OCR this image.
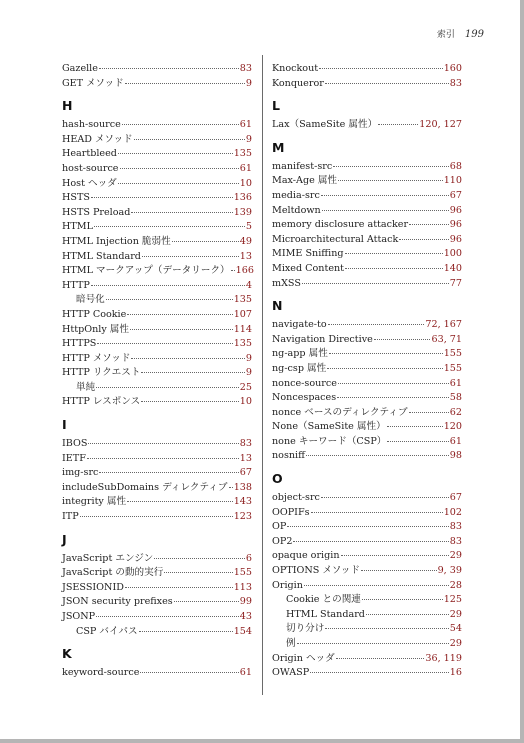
索引 199
Gazelle	83
GET メソッド	9
H
hash-source	61
HEAD メソッド	9
Heartbleed	135
host-source	61
Host ヘッダ	10
HSTS	136
HSTS Preload	139
HTML	5
HTML Injection 脆弱性	49
HTML Standard	13
HTML マークアップ（データリーク） 166
HTTP	4
暗号化	135
HTTP Cookie	107
HttpOnly 属性	114
HTTPS	135
HTTP メソッド	9
HTTP リクエスト	9
単純	25
HTTP レスポンス	10
I
IBOS	83
IETF	13
img-src	67
includeSubDomains ディレクティブ 138
integrity 属性	143
ITP	123
J
JavaScript エンジン	6
JavaScript の動的実行	155
JSESSIONID	113
JSON security prefixes	99
JSONP	43
CSP バイパス	154
K
keyword-source	61
Knockout	160
Konqueror	83
L
Lax（SameSite 属性）	120, 127
M
manifest-src	68
Max-Age 属性	110
media-src	67
Meltdown	96
memory disclosure attacker	96
Microarchitectural Attack	96
MIME Sniffing	100
Mixed Content	140
mXSS	77
N
navigate-to	72, 167
Navigation Directive	63, 71
ng-app 属性	155
ng-csp 属性	155
nonce-source	61
Noncespaces	58
nonce ベースのディレクティブ	62
None（SameSite 属性）	120
none キーワード（CSP）	61
nosniff	98
O
object-src	67
OOPIFs	102
OP	83
OP2	83
opaque origin	29
OPTIONS メソッド	9, 39
Origin	28
Cookie との関連	125
HTML Standard	29
切り分け	54
例	29
Origin ヘッダ	36, 119
OWASP	16
